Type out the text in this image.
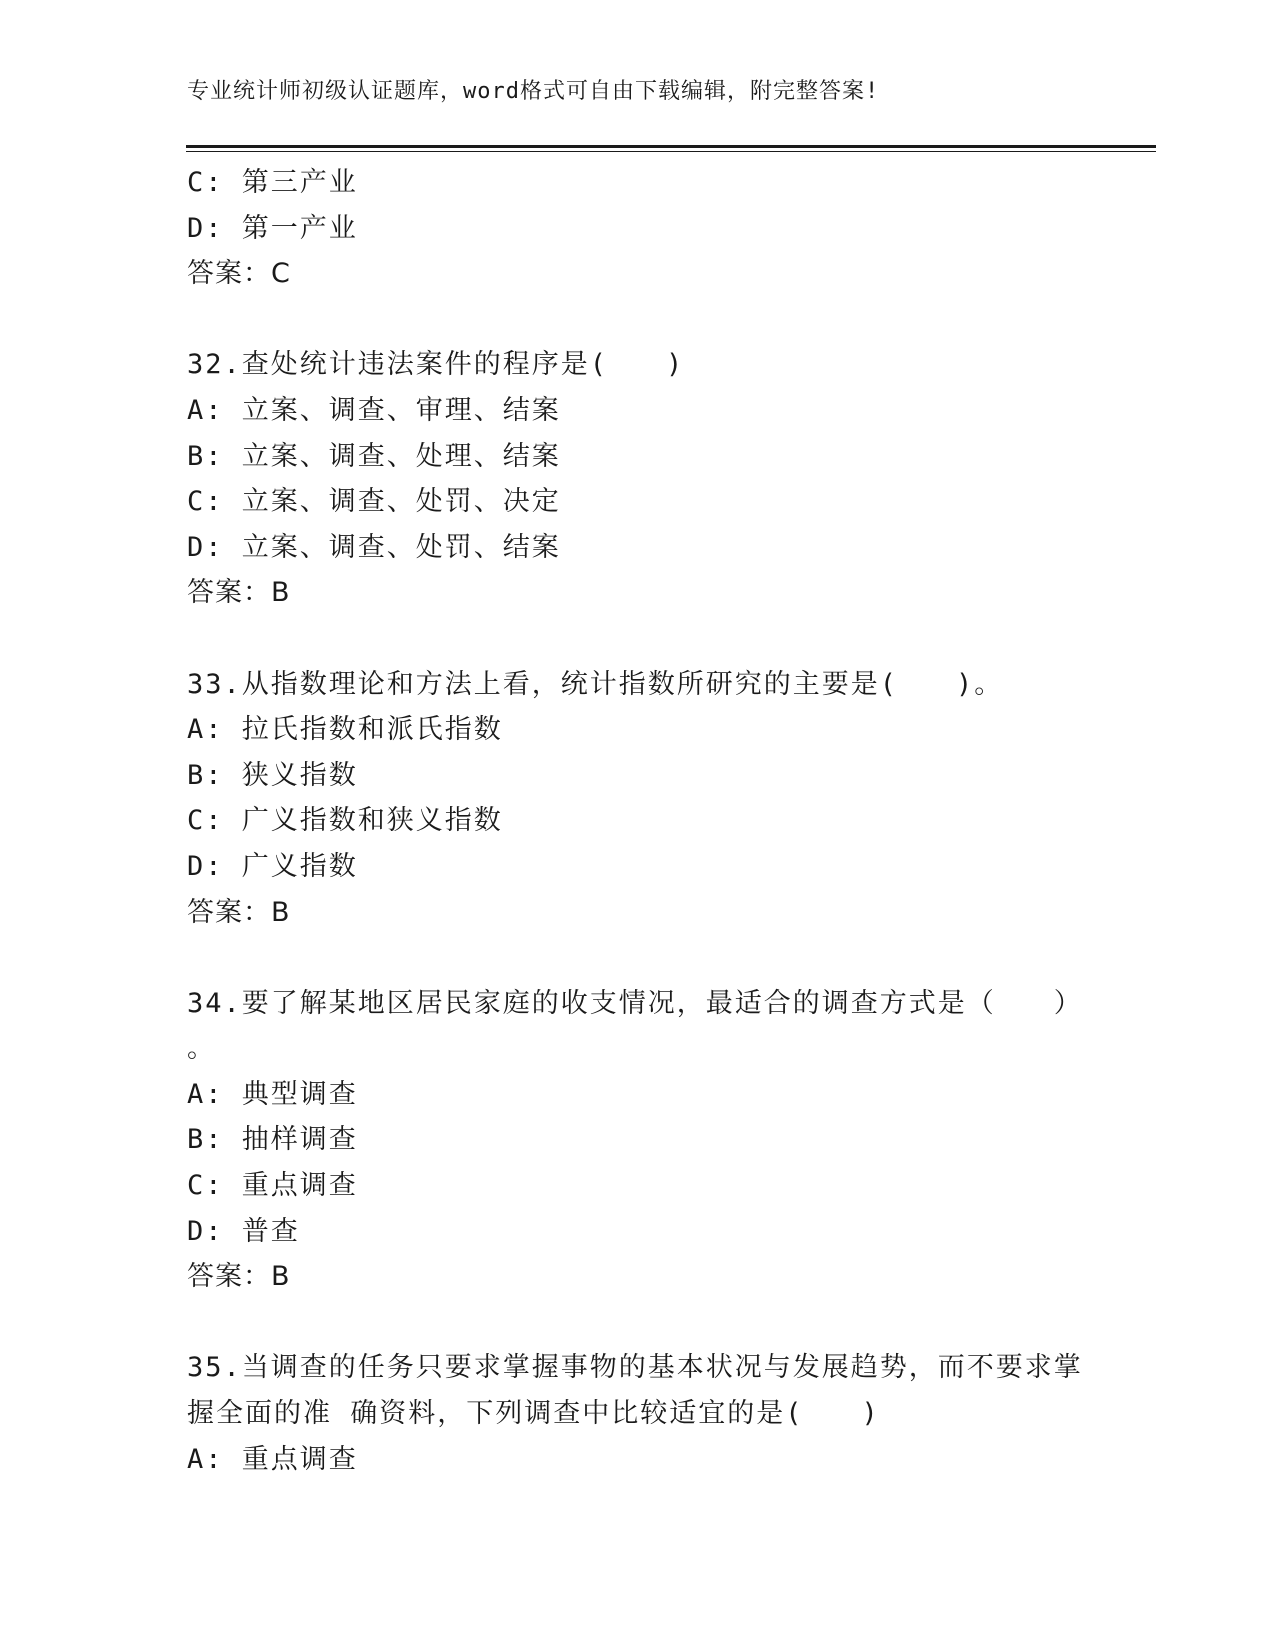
专业统计师初级认证题库，word格式可自由下载编辑，附完整答案!
C: 第三产业
D: 第一产业
答案：C
32.查处统计违法案件的程序是(　　)
A: 立案、调查、审理、结案
B: 立案、调查、处理、结案
C: 立案、调查、处罚、决定
D: 立案、调查、处罚、结案
答案：B
33.从指数理论和方法上看，统计指数所研究的主要是(　　)。
A: 拉氏指数和派氏指数
B: 狭义指数
C: 广义指数和狭义指数
D: 广义指数
答案：B
34.要了解某地区居民家庭的收支情况，最适合的调查方式是（　　）
。
A: 典型调查
B: 抽样调查
C: 重点调查
D: 普查
答案：B
35.当调查的任务只要求掌握事物的基本状况与发展趋势，而不要求掌
握全面的准 确资料，下列调查中比较适宜的是(　　)
A: 重点调查
